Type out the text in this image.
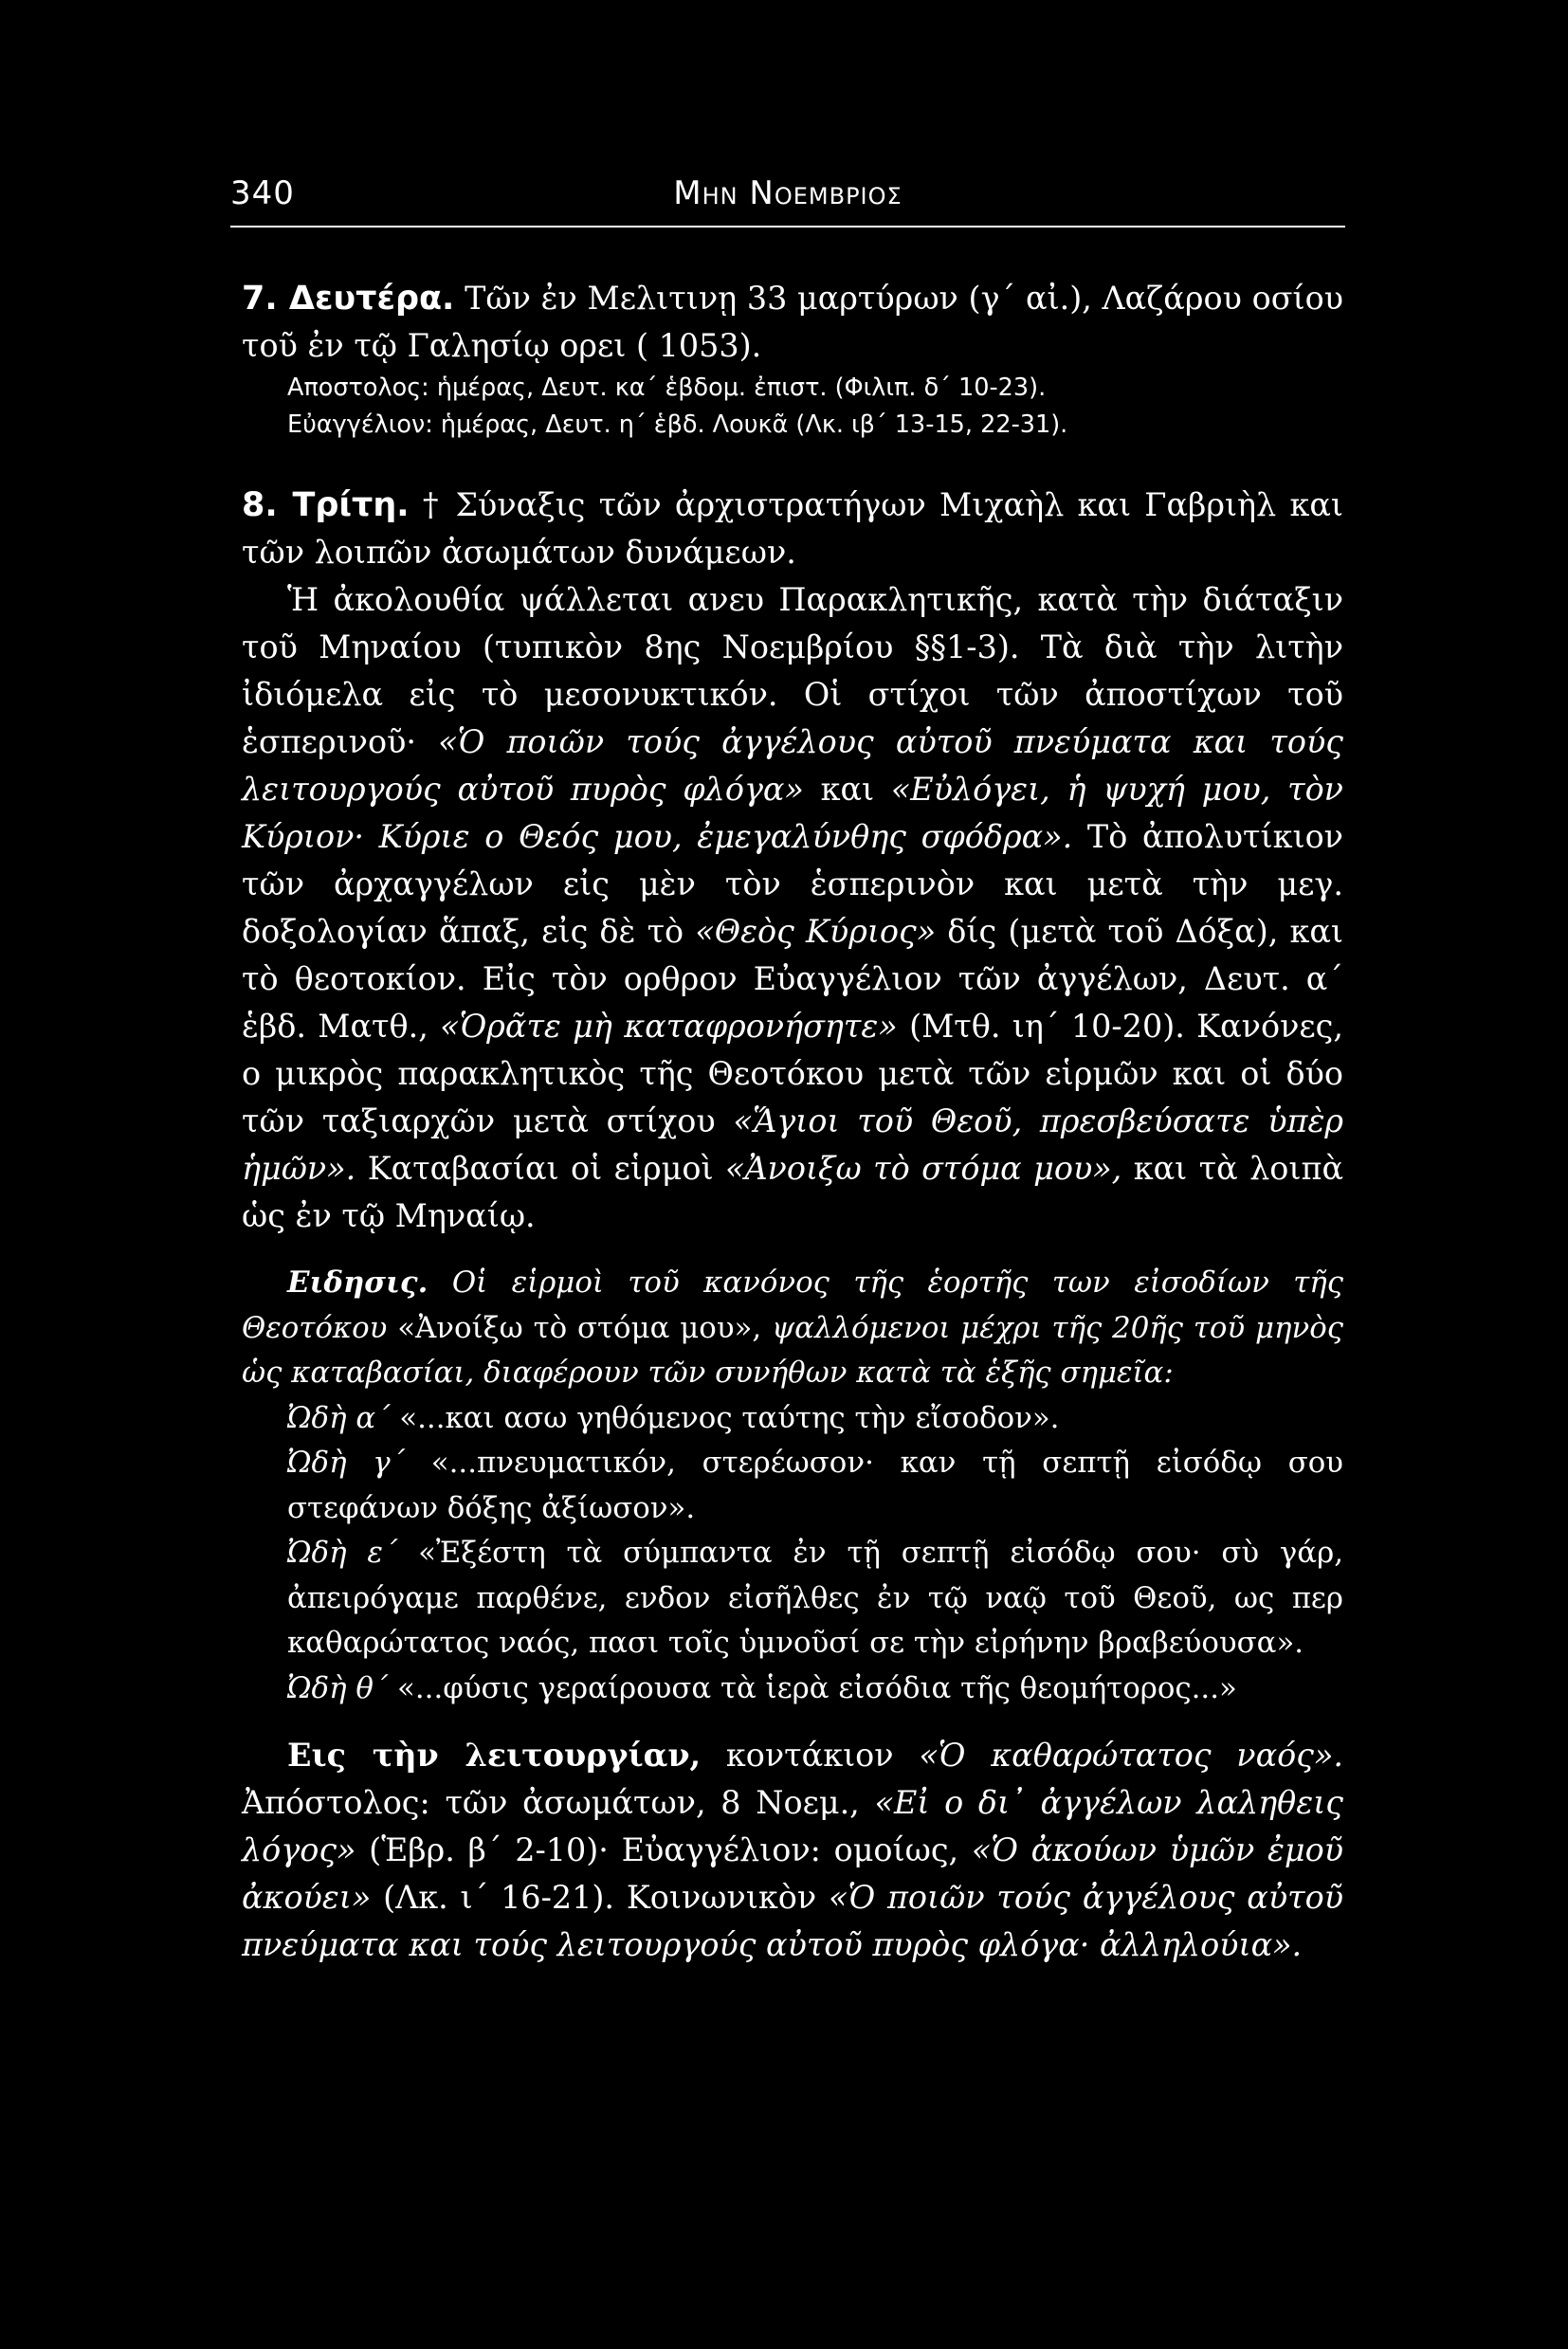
340	Μην Νοεμβριος

7. Δευτέρα. Τῶν ἐν Μελιτινῃ 33 μαρτύρων (γ΄ αἰ.), Λαζάρου οσίου τοῦ ἐν τῷ Γαλησίῳ ορει ( 1053).

Αποστολος: ἡμέρας, Δευτ. κα΄ ἑβδομ. ἐπιστ. (Φιλιπ. δ΄ 10-23).

Εὐαγγέλιον: ἡμέρας, Δευτ. η΄ ἑβδ. Λουκᾶ (Λκ. ιβ΄ 13-15, 22-31).

8. Τρίτη. † Σύναξις τῶν ἀρχιστρατήγων Μιχαὴλ και Γαβριὴλ και τῶν λοιπῶν ἀσωμάτων δυνάμεων.

Ἡ ἀκολουθία ψάλλεται ανευ Παρακλητικῆς, κατὰ τὴν διάταξιν τοῦ Μηναίου (τυπικὸν 8ης Νοεμβρίου §§1-3). Τὰ διὰ τὴν λιτὴν ἰδιόμελα εἰς τὸ μεσονυκτικόν. Οἱ στίχοι τῶν ἀποστίχων τοῦ ἑσπερινοῦ· «Ὁ ποιῶν τούς ἀγγέλους αὐτοῦ πνεύματα και τούς λειτουργούς αὐτοῦ πυρὸς φλόγα» και «Εὐλόγει, ἡ ψυχή μου, τὸν Κύριον· Κύριε ο Θεός μου, ἐμεγαλύνθης σφόδρα». Τὸ ἀπολυτίκιον τῶν ἀρχαγγέλων εἰς μὲν τὸν ἑσπερινὸν και μετὰ τὴν μεγ. δοξολογίαν ἅπαξ, εἰς δὲ τὸ «Θεὸς Κύριος» δίς (μετὰ τοῦ Δόξα), και τὸ θεοτοκίον. Εἰς τὸν ορθρον Εὐαγγέλιον τῶν ἀγγέλων, Δευτ. α΄ ἑβδ. Ματθ., «Ὁρᾶτε μὴ καταφρονήσητε» (Μτθ. ιη΄ 10-20). Κανόνες, ο μικρὸς παρακλητικὸς τῆς Θεοτόκου μετὰ τῶν εἱρμῶν και οἱ δύο τῶν ταξιαρχῶν μετὰ στίχου «Ἅγιοι τοῦ Θεοῦ, πρεσβεύσατε ὑπὲρ ἡμῶν». Καταβασίαι οἱ εἱρμοὶ «Ἀνοιξω τὸ στόμα μου», και τὰ λοιπὰ ὡς ἐν τῷ Μηναίῳ.

Ειδησις. Οἱ εἱρμοὶ τοῦ κανόνος τῆς ἑορτῆς των εἰσοδίων τῆς Θεοτόκου «Ἀνοίξω τὸ στόμα μου», ψαλλόμενοι μέχρι τῆς 20ῆς τοῦ μηνὸς ὡς καταβασίαι, διαφέρουν τῶν συνήθων κατὰ τὰ ἑξῆς σημεῖα:

Ὠδὴ α΄ «...και ασω γηθόμενος ταύτης τὴν εἴσοδον».

Ὠδὴ γ΄ «...πνευματικόν, στερέωσον· καν τῇ σεπτῇ εἰσόδῳ σου στεφάνων δόξης ἀξίωσον».

Ὠδὴ ε΄ «Ἐξέστη τὰ σύμπαντα ἐν τῇ σεπτῇ εἰσόδῳ σου· σὺ γάρ, ἀπειρόγαμε παρθένε, ενδον εἰσῆλθες ἐν τῷ ναῷ τοῦ Θεοῦ, ως περ καθαρώτατος ναός, πασι τοῖς ὑμνοῦσί σε τὴν εἰρήνην βραβεύουσα».

Ὠδὴ θ΄ «...φύσις γεραίρουσα τὰ ἱερὰ εἰσόδια τῆς θεομήτορος...»

Εις τὴν λειτουργίαν, κοντάκιον «Ὁ καθαρώτατος ναός». Ἀπόστολος: τῶν ἀσωμάτων, 8 Νοεμ., «Εἰ ο δι᾽ ἀγγέλων λαληθεις λόγος» (Ἑβρ. β΄ 2-10)· Εὐαγγέλιον: ομοίως, «Ὁ ἀκούων ὑμῶν ἐμοῦ ἀκούει» (Λκ. ι΄ 16-21). Κοινωνικὸν «Ὁ ποιῶν τούς ἀγγέλους αὐτοῦ πνεύματα και τούς λειτουργούς αὐτοῦ πυρὸς φλόγα· ἀλληλούια».
